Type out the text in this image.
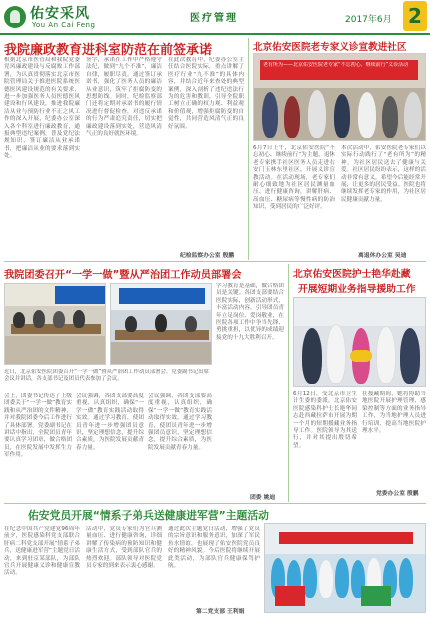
佑安采风
You An Cai Feng
医疗管理	2017年6月 2
我院廉政教育进科室防范在前签承诺
根据北京市医管局和我院党委党风廉政建设与反腐败工作部署，为认真贯彻落实北京市医院管理局关于推进医院系统医德医风建设规范的有关要求，进一步加强医务人员医德医风建设和行风建设，推进我院廉洁从业与预防行业不正之风工作的深入开展，纪委办公室深入各个科室进行廉政教育，通报典型违纪案例，普及党纪法规知识，签订廉洁从业承诺书，把廉洁从业的要求落到实处。
签字，承诺在工作中严格遵守法纪，做到“九个不准”，廉洁自律，履职尽责。通过签订承诺书，强化了医务人员的廉洁从业意识，筑牢了拒腐防变的思想防线。同时，纪检监察部门还将定期对承诺书的履行情况进行督促检查，对违反承诺的行为严肃追究责任，切实把廉政建设落到实处，营造风清气正的良好就医环境。
在此次教育中，纪委办公室主任结合医院实际，重点讲解了医疗行业“九不准”的具体内容，并结合近年来查处的典型案例，深入剖析了违纪违法行为的危害和教训，引导全院职工树立正确的权力观、利益观和价值观，增强拒腐防变的自觉性，共同营造风清气正的良好氛围。
纪检监察办公室 殷鹏
北京佑安医院老专家义诊宣教进社区
老有所为——北京佑安医院老专家“不忘初心、继续前行”义诊活动
6月7日上午，北京佑安医院“不忘初心、继续前行”为主题，退休老专家携手社区医务人员走进右安门玉林东里社区，开展义诊宣教活动。在活动现场，老专家们耐心细致地为社区居民测量血压、进行健康咨询，讲解肝病、高血压、糖尿病等慢性病的防治知识，受到居民的广泛好评。
本次活动中，佑安医院老专家们以实际行动践行了“老有所为”的精神，为社区居民送去了健康与关爱。社区居民纷纷表示，这样的活动非常有意义，希望今后能经常开展，让更多的居民受益。医院也将继续发挥老专家的作用，为社区居民健康贡献力量。
离退休办公室 吴迪
我院团委召开“一学一做”暨从严治团工作动员部署会
近日，北京佑安医院团委召开“一学一做”暨从严治团工作动员部署会。党委副书记出席会议并讲话，各支部书记及团员代表参加了会议。
会上，团委书记传达了上级团委关于“一学一做”教育实践和从严治团的文件精神，并对我院团委今后工作进行了具体部署。党委副书记在讲话中指出，全院团员青年要认真学习团章，做合格团员，在医院发展中发挥生力军作用。
会议强调，各团支部要高度重视，认真组织，确保“一学一做”教育实践活动取得实效。通过学习教育，使团员青年进一步增强团员意识，坚定理想信念，提升综合素质，为医院发展贡献青春力量。
学习教育是基础，做合格团员是关键。各团支部要结合医院实际，创新活动形式，丰富活动内容，引导团员青年立足岗位、爱岗敬业，在医院各项工作中争当先锋、勇挑重担，以优异的成绩迎接党的十九大胜利召开。
会议强调，各团支部要高度重视，认真组织，确保“一学一做”教育实践活动取得实效。通过学习教育，使团员青年进一步增强团员意识，坚定理想信念，提升综合素质，为医院发展贡献青春力量。
团委 姚迪
北京佑安医院护士艳华赴藏
开展短期业务指导援助工作
6月12日，受北京市卫生计生委的委派，北京佑安医院感染科护士长艳华同志赴西藏拉萨市开展为期一个月的短期援藏业务指导工作。医院领导为其送行，并对其提出殷切希望。
在援藏期间，她将协助当地医院开展护理管理、感染控制等方面的业务指导工作，为当地护理人员进行培训，提高当地医院护理水平。
党委办公室 殷鹏
佑安党员开展“情系子弟兵送健康进军营”主题活动
在纪念中国共产党建党96周年前夕，医院感染科党支部联合肝病二科党支部开展“情系子弟兵，送健康进军营”主题党日活动，来到驻京某部队，为部队官兵开展健康义诊和健康宣教活动。
活动中，党员专家们为官兵测量血压、进行健康咨询，详细讲解了传染病的预防知识和健康生活方式，受到部队官兵的热烈欢迎。部队领导对医院党员专家的到来表示衷心感谢。
通过此次主题党日活动，增强了党员的宗旨意识和服务意识，加深了军民鱼水情谊，也展现了佑安医院党员良好的精神风貌。今后医院将继续开展此类活动，为部队官兵健康保驾护航。
第二党支部 王利娟
